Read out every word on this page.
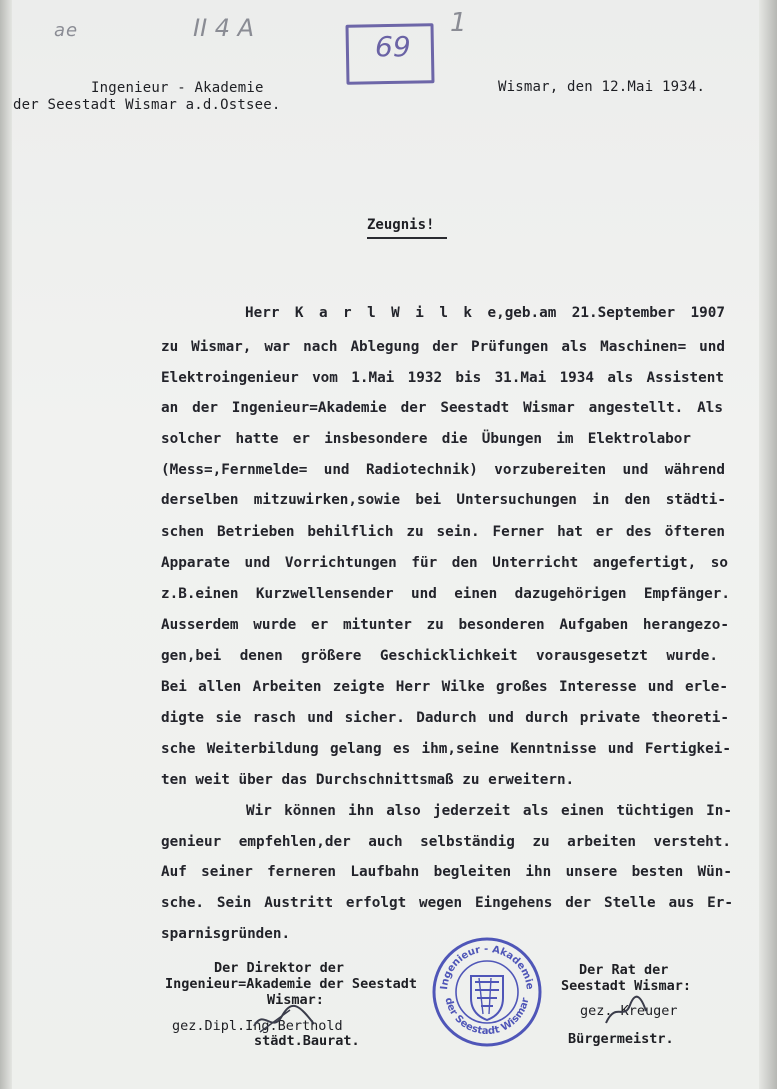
ae	II 4 A	1
69
Ingenieur - Akademie
der Seestadt Wismar a.d.Ostsee.
Wismar, den 12.Mai 1934.
Zeugnis!
Herr K a r l W i l k e,geb.am 21.September 1907
zu Wismar, war nach Ablegung der Prüfungen als Maschinen= und
Elektroingenieur vom 1.Mai 1932 bis 31.Mai 1934 als Assistent
an der Ingenieur=Akademie der Seestadt Wismar angestellt. Als
solcher hatte er insbesondere die Übungen im Elektrolabor
(Mess=,Fernmelde= und Radiotechnik) vorzubereiten und während
derselben mitzuwirken,sowie bei Untersuchungen in den städti-
schen Betrieben behilflich zu sein. Ferner hat er des öfteren
Apparate und Vorrichtungen für den Unterricht angefertigt, so
z.B.einen Kurzwellensender und einen dazugehörigen Empfänger.
Ausserdem wurde er mitunter zu besonderen Aufgaben herangezo-
gen,bei denen größere Geschicklichkeit vorausgesetzt wurde.
Bei allen Arbeiten zeigte Herr Wilke großes Interesse und erle-
digte sie rasch und sicher. Dadurch und durch private theoreti-
sche Weiterbildung gelang es ihm,seine Kenntnisse und Fertigkei-
ten weit über das Durchschnittsmaß zu erweitern.
Wir können ihn also jederzeit als einen tüchtigen In-
genieur empfehlen,der auch selbständig zu arbeiten versteht.
Auf seiner ferneren Laufbahn begleiten ihn unsere besten Wün-
sche. Sein Austritt erfolgt wegen Eingehens der Stelle aus Er-
sparnisgründen.
Der Direktor der
Ingenieur=Akademie der Seestadt
Wismar:
gez.Dipl.Ing.Berthold
städt.Baurat.
Der Rat der
Seestadt Wismar:
gez. Kreuger
Bürgermeistr.
Ingenieur - Akademie
der Seestadt Wismar
